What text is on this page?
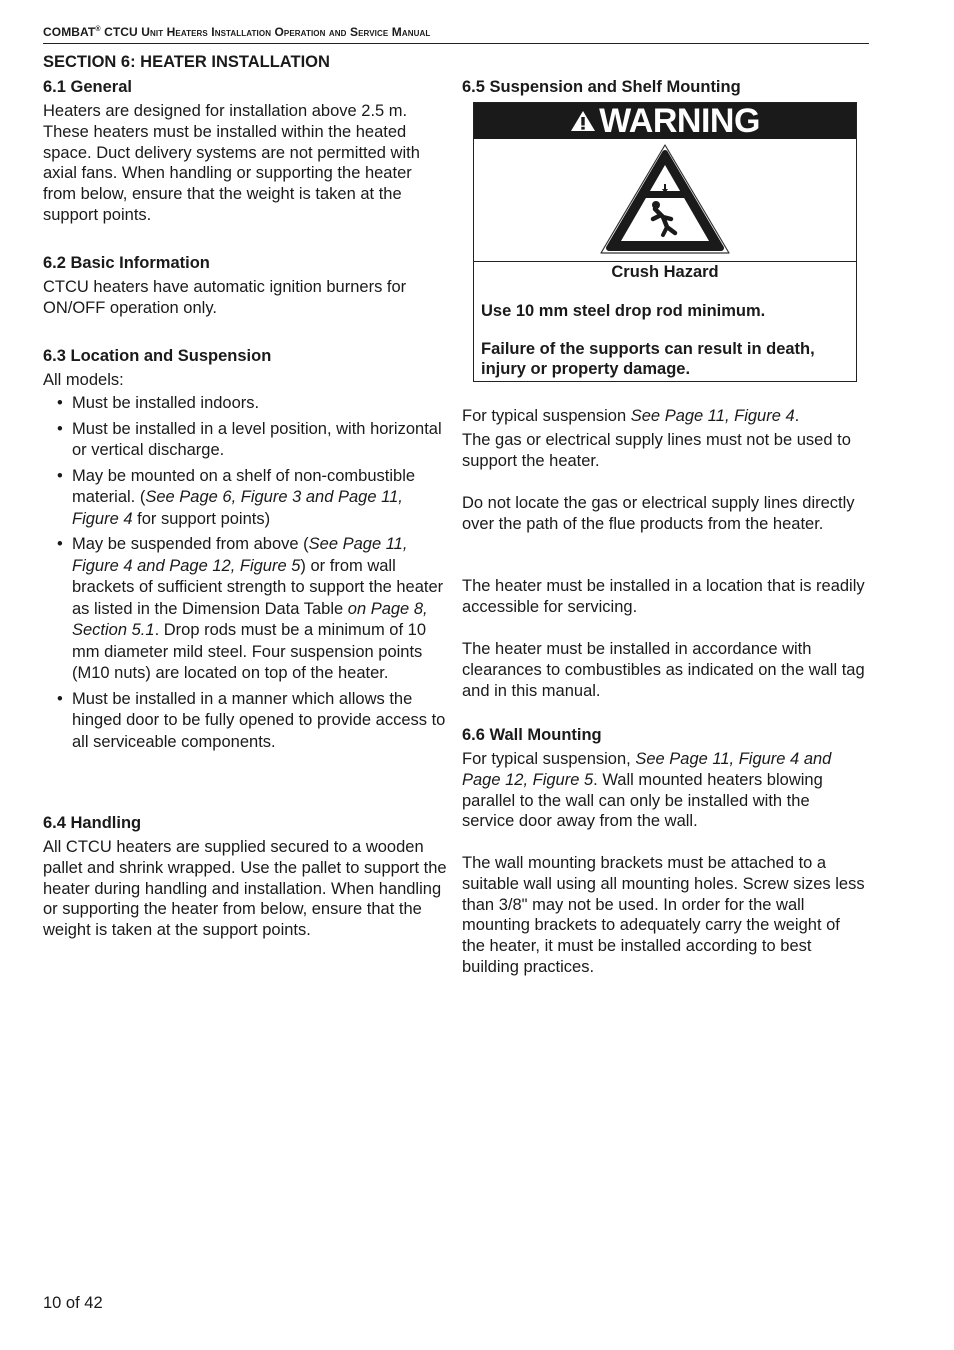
COMBAT® CTCU Unit Heaters Installation Operation and Service Manual
SECTION 6: HEATER INSTALLATION
6.1 General

Heaters are designed for installation above 2.5 m. These heaters must be installed within the heated space. Duct delivery systems are not permitted with axial fans. When handling or supporting the heater from below, ensure that the weight is taken at the support points.

6.2 Basic Information

CTCU heaters have automatic ignition burners for ON/OFF operation only.

6.3 Location and Suspension

All models:

• Must be installed indoors.
• Must be installed in a level position, with horizontal or vertical discharge.
• May be mounted on a shelf of non-combustible material. (See Page 6, Figure 3 and Page 11, Figure 4 for support points)
• May be suspended from above (See Page 11, Figure 4 and Page 12, Figure 5) or from wall brackets of sufficient strength to support the heater as listed in the Dimension Data Table on Page 8, Section 5.1. Drop rods must be a minimum of 10 mm diameter mild steel. Four suspension points (M10 nuts) are located on top of the heater.
• Must be installed in a manner which allows the hinged door to be fully opened to provide access to all serviceable components.
6.4 Handling

All CTCU heaters are supplied secured to a wooden pallet and shrink wrapped. Use the pallet to support the heater during handling and installation. When handling or supporting the heater from below, ensure that the weight is taken at the support points.

6.5 Suspension and Shelf Mounting
WARNING

Crush Hazard

Use 10 mm steel drop rod minimum.

Failure of the supports can result in death, injury or property damage.

For typical suspension See Page 11, Figure 4.

The gas or electrical supply lines must not be used to support the heater.

Do not locate the gas or electrical supply lines directly over the path of the flue products from the heater.

The heater must be installed in a location that is readily accessible for servicing.

The heater must be installed in accordance with clearances to combustibles as indicated on the wall tag and in this manual.

6.6 Wall Mounting

For typical suspension, See Page 11, Figure 4 and Page 12, Figure 5. Wall mounted heaters blowing parallel to the wall can only be installed with the service door away from the wall.

The wall mounting brackets must be attached to a suitable wall using all mounting holes. Screw sizes less than 3/8" may not be used. In order for the wall mounting brackets to adequately carry the weight of the heater, it must be installed according to best building practices.

10 of 42
